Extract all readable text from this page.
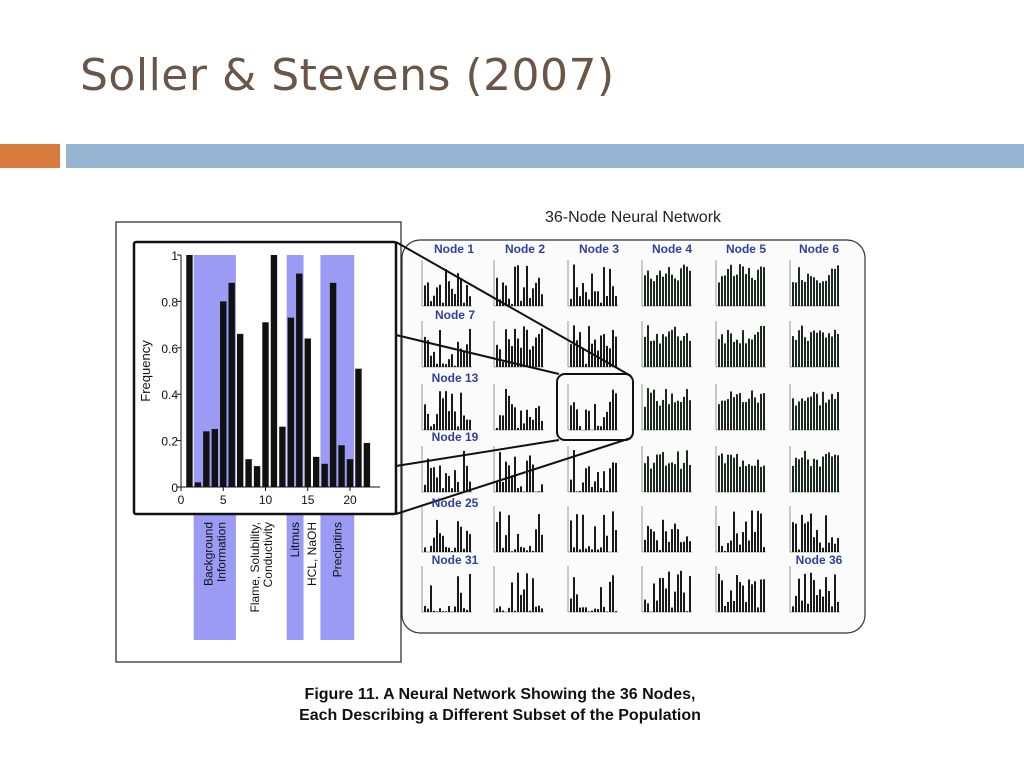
Soller & Stevens (2007)
Background Information Flame, Solubility, Conductivity Litmus HCL, NaOH Precipitins
0
0.2
0.4
0.6
0.8
1
0	5	10 15 20
Frequency
36-Node Neural Network
Node 1	Node 2	Node 3	Node 4	Node 5	Node 6
Node 7
Node 13
Node 19
Node 25
Node 31	Node 36
Figure 11. A Neural Network Showing the 36 Nodes,
Each Describing a Different Subset of the Population
